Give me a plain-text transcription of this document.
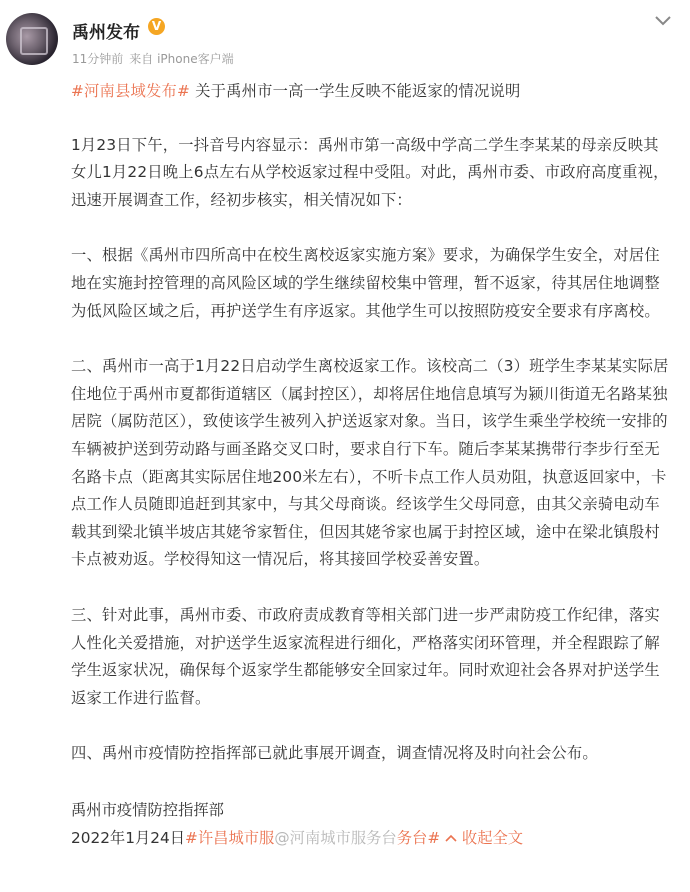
禹州发布 V
11分钟前 来自 iPhone客户端

#河南县域发布# 关于禹州市一高一学生反映不能返家的情况说明

1月23日下午，一抖音号内容显示：禹州市第一高级中学高二学生李某某的母亲反映其女儿1月22日晚上6点左右从学校返家过程中受阻。对此，禹州市委、市政府高度重视，迅速开展调查工作，经初步核实，相关情况如下：

一、根据《禹州市四所高中在校生离校返家实施方案》要求，为确保学生安全，对居住地在实施封控管理的高风险区域的学生继续留校集中管理，暂不返家，待其居住地调整为低风险区域之后，再护送学生有序返家。其他学生可以按照防疫安全要求有序离校。

二、禹州市一高于1月22日启动学生离校返家工作。该校高二（3）班学生李某某实际居住地位于禹州市夏都街道辖区（属封控区），却将居住地信息填写为颍川街道无名路某独居院（属防范区），致使该学生被列入护送返家对象。当日，该学生乘坐学校统一安排的车辆被护送到劳动路与画圣路交叉口时，要求自行下车。随后李某某携带行李步行至无名路卡点（距离其实际居住地200米左右），不听卡点工作人员劝阻，执意返回家中，卡点工作人员随即追赶到其家中，与其父母商谈。经该学生父母同意，由其父亲骑电动车载其到梁北镇半坡店其姥爷家暂住，但因其姥爷家也属于封控区域，途中在梁北镇殷村卡点被劝返。学校得知这一情况后，将其接回学校妥善安置。

三、针对此事，禹州市委、市政府责成教育等相关部门进一步严肃防疫工作纪律，落实人性化关爱措施，对护送学生返家流程进行细化，严格落实闭环管理，并全程跟踪了解学生返家状况，确保每个返家学生都能够安全回家过年。同时欢迎社会各界对护送学生返家工作进行监督。

四、禹州市疫情防控指挥部已就此事展开调查，调查情况将及时向社会公布。

禹州市疫情防控指挥部
2022年1月24日#许昌城市服@河南城市服务台务台# 收起全文
